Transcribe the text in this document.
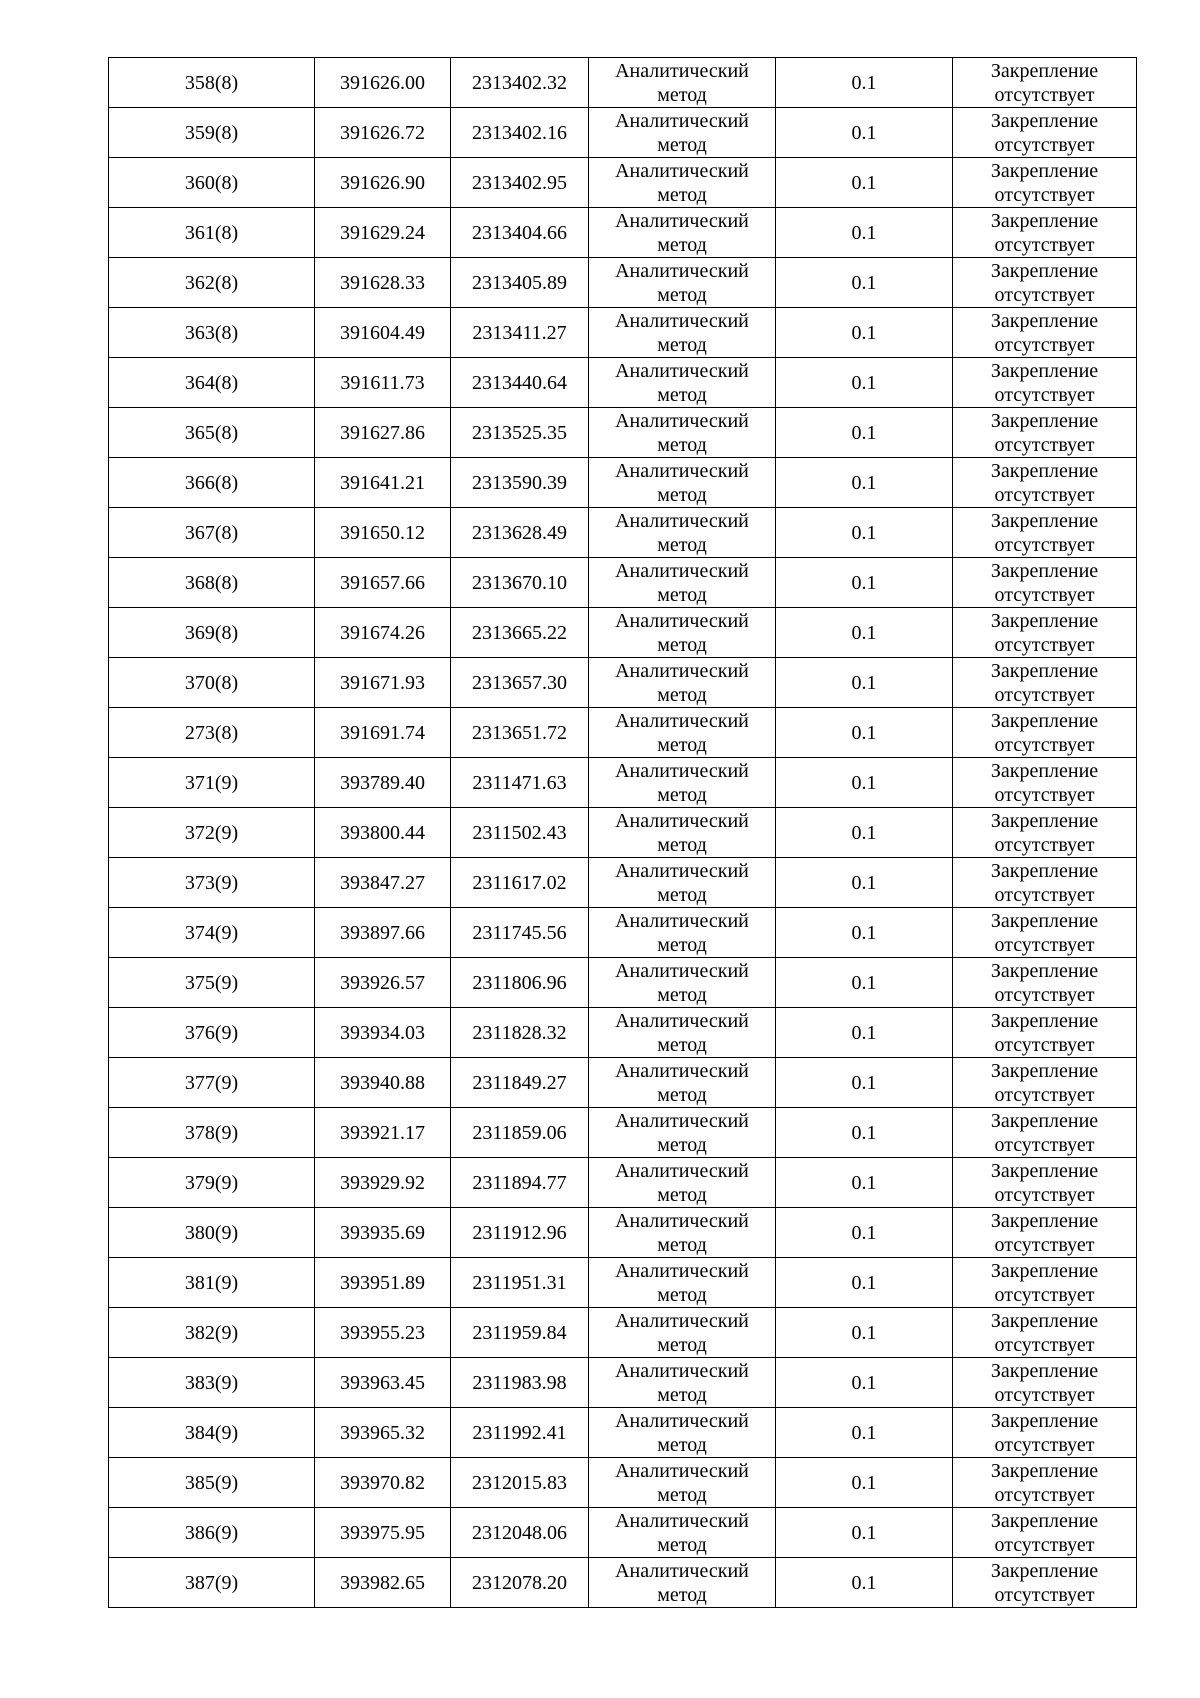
358(8)	391626.00	2313402.32	Аналитический
метод	0.1	Закрепление
отсутствует

359(8)	391626.72	2313402.16	Аналитический
метод	0.1	Закрепление
отсутствует

360(8)	391626.90	2313402.95	Аналитический
метод	0.1	Закрепление
отсутствует

361(8)	391629.24	2313404.66	Аналитический
метод	0.1	Закрепление
отсутствует

362(8)	391628.33	2313405.89	Аналитический
метод	0.1	Закрепление
отсутствует

363(8)	391604.49	2313411.27	Аналитический
метод	0.1	Закрепление
отсутствует

364(8)	391611.73	2313440.64	Аналитический
метод	0.1	Закрепление
отсутствует

365(8)	391627.86	2313525.35	Аналитический
метод	0.1	Закрепление
отсутствует

366(8)	391641.21	2313590.39	Аналитический
метод	0.1	Закрепление
отсутствует

367(8)	391650.12	2313628.49	Аналитический
метод	0.1	Закрепление
отсутствует

368(8)	391657.66	2313670.10	Аналитический
метод	0.1	Закрепление
отсутствует

369(8)	391674.26	2313665.22	Аналитический
метод	0.1	Закрепление
отсутствует

370(8)	391671.93	2313657.30	Аналитический
метод	0.1	Закрепление
отсутствует

273(8)	391691.74	2313651.72	Аналитический
метод	0.1	Закрепление
отсутствует

371(9)	393789.40	2311471.63	Аналитический
метод	0.1	Закрепление
отсутствует

372(9)	393800.44	2311502.43	Аналитический
метод	0.1	Закрепление
отсутствует

373(9)	393847.27	2311617.02	Аналитический
метод	0.1	Закрепление
отсутствует

374(9)	393897.66	2311745.56	Аналитический
метод	0.1	Закрепление
отсутствует

375(9)	393926.57	2311806.96	Аналитический
метод	0.1	Закрепление
отсутствует

376(9)	393934.03	2311828.32	Аналитический
метод	0.1	Закрепление
отсутствует

377(9)	393940.88	2311849.27	Аналитический
метод	0.1	Закрепление
отсутствует

378(9)	393921.17	2311859.06	Аналитический
метод	0.1	Закрепление
отсутствует

379(9)	393929.92	2311894.77	Аналитический
метод	0.1	Закрепление
отсутствует

380(9)	393935.69	2311912.96	Аналитический
метод	0.1	Закрепление
отсутствует

381(9)	393951.89	2311951.31	Аналитический
метод	0.1	Закрепление
отсутствует

382(9)	393955.23	2311959.84	Аналитический
метод	0.1	Закрепление
отсутствует

383(9)	393963.45	2311983.98	Аналитический
метод	0.1	Закрепление
отсутствует

384(9)	393965.32	2311992.41	Аналитический
метод	0.1	Закрепление
отсутствует

385(9)	393970.82	2312015.83	Аналитический
метод	0.1	Закрепление
отсутствует

386(9)	393975.95	2312048.06	Аналитический
метод	0.1	Закрепление
отсутствует

387(9)	393982.65	2312078.20	Аналитический
метод	0.1	Закрепление
отсутствует
